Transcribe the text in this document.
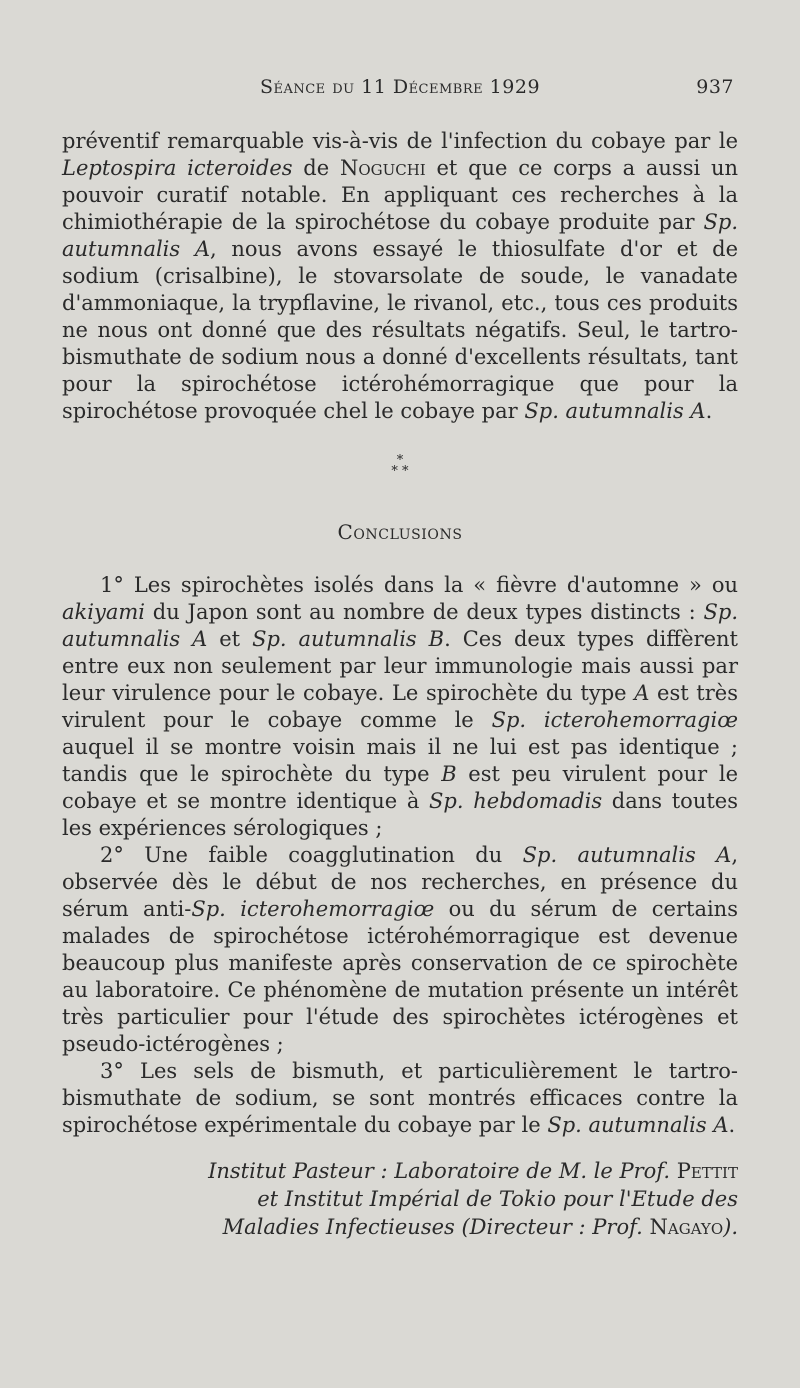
Séance du 11 Décembre 1929	937

préventif remarquable vis-à-vis de l'infection du cobaye par le Leptospira icteroides de Noguchi et que ce corps a aussi un pouvoir curatif notable. En appliquant ces recherches à la chimiothérapie de la spirochétose du cobaye produite par Sp. autumnalis A, nous avons essayé le thiosulfate d'or et de sodium (crisalbine), le stovarsolate de soude, le vanadate d'ammoniaque, la trypflavine, le rivanol, etc., tous ces produits ne nous ont donné que des résultats négatifs. Seul, le tartro-bismuthate de sodium nous a donné d'excellents résultats, tant pour la spirochétose ictérohémorragique que pour la spirochétose provoquée chel le cobaye par Sp. autumnalis A.

*
* *
Conclusions

1° Les spirochètes isolés dans la « fièvre d'automne » ou akiyami du Japon sont au nombre de deux types distincts : Sp. autumnalis A et Sp. autumnalis B. Ces deux types diffèrent entre eux non seulement par leur immunologie mais aussi par leur virulence pour le cobaye. Le spirochète du type A est très virulent pour le cobaye comme le Sp. icterohemorragiœ auquel il se montre voisin mais il ne lui est pas identique ; tandis que le spirochète du type B est peu virulent pour le cobaye et se montre identique à Sp. hebdomadis dans toutes les expériences sérologiques ;

2° Une faible coagglutination du Sp. autumnalis A, observée dès le début de nos recherches, en présence du sérum anti-Sp. icterohemorragiœ ou du sérum de certains malades de spirochétose ictérohémorragique est devenue beaucoup plus manifeste après conservation de ce spirochète au laboratoire. Ce phénomène de mutation présente un intérêt très particulier pour l'étude des spirochètes ictérogènes et pseudo-ictérogènes ;

3° Les sels de bismuth, et particulièrement le tartro-bismuthate de sodium, se sont montrés efficaces contre la spirochétose expérimentale du cobaye par le Sp. autumnalis A.

Institut Pasteur : Laboratoire de M. le Prof. Pettit et Institut Impérial de Tokio pour l'Etude des Maladies Infectieuses (Directeur : Prof. Nagayo).
